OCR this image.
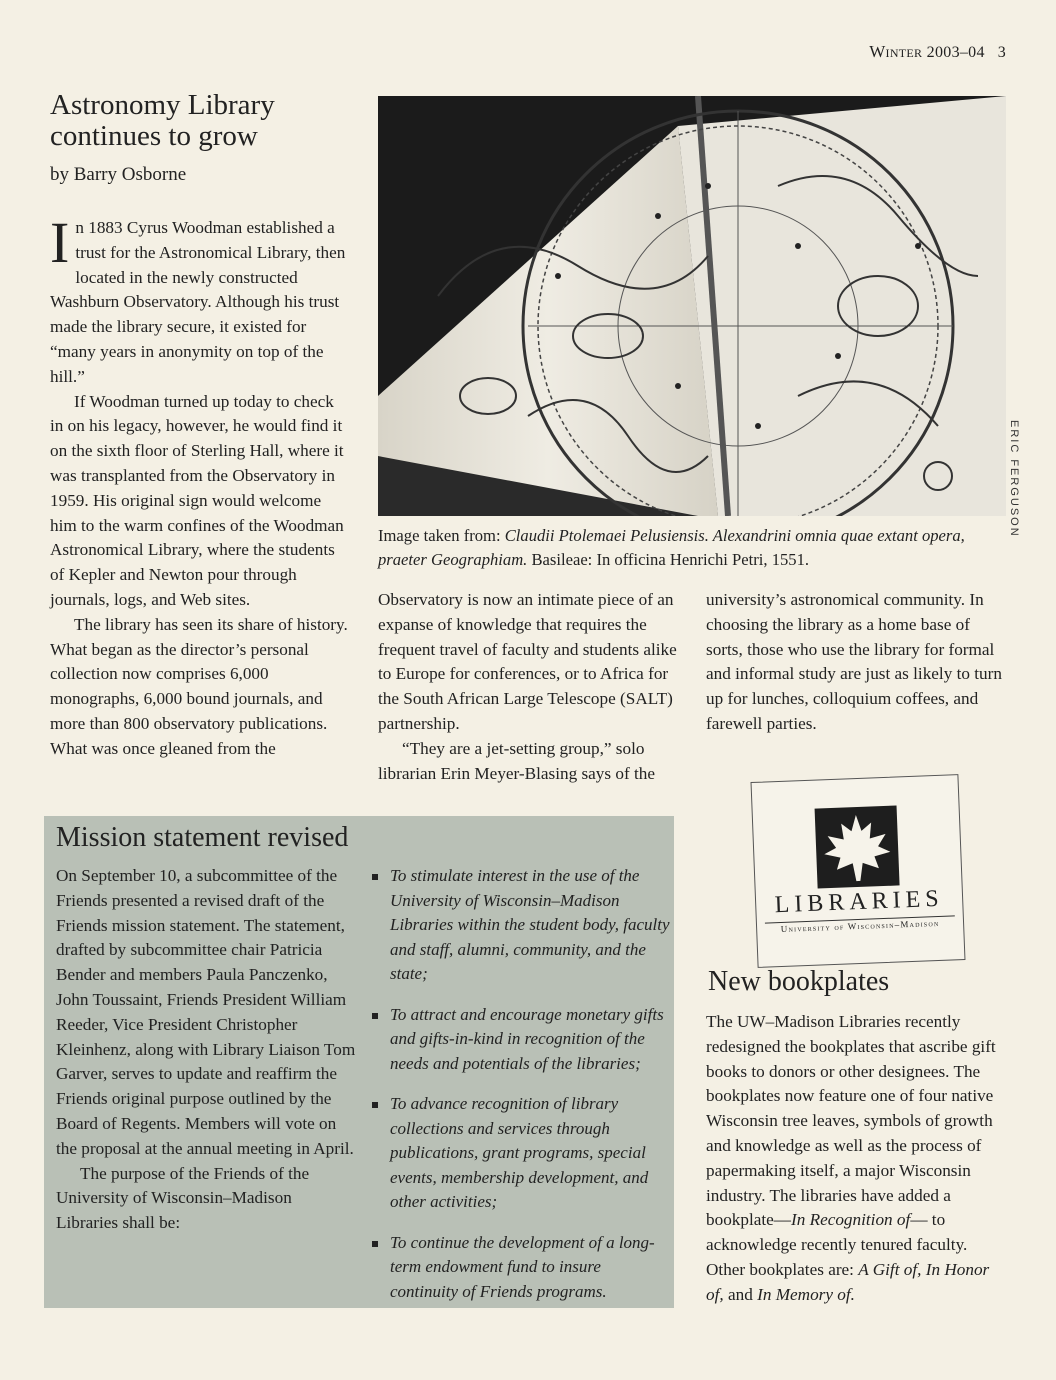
Winter 2003–04 3
Astronomy Library continues to grow
by Barry Osborne

In 1883 Cyrus Woodman established a trust for the Astronomical Library, then located in the newly constructed Washburn Observatory. Although his trust made the library secure, it existed for “many years in anonymity on top of the hill.”

If Woodman turned up today to check in on his legacy, however, he would find it on the sixth floor of Sterling Hall, where it was transplanted from the Observatory in 1959. His original sign would welcome him to the warm confines of the Woodman Astronomical Library, where the students of Kepler and Newton pour through journals, logs, and Web sites.

The library has seen its share of history. What began as the director’s personal collection now comprises 6,000 monographs, 6,000 bound journals, and more than 800 observatory publications. What was once gleaned from the

ERIC FERGUSON
Image taken from: Claudii Ptolemaei Pelusiensis. Alexandrini omnia quae extant opera, praeter Geographiam. Basileae: In officina Henrichi Petri, 1551.

Observatory is now an intimate piece of an expanse of knowledge that requires the frequent travel of faculty and students alike to Europe for conferences, or to Africa for the South African Large Telescope (SALT) partnership.

“They are a jet-setting group,” solo librarian Erin Meyer-Blasing says of the

university’s astronomical community. In choosing the library as a home base of sorts, those who use the library for formal and informal study are just as likely to turn up for lunches, colloquium coffees, and farewell parties.

Mission statement revised

On September 10, a subcommittee of the Friends presented a revised draft of the Friends mission statement. The statement, drafted by subcommittee chair Patricia Bender and members Paula Panczenko, John Toussaint, Friends President William Reeder, Vice President Christopher Kleinhenz, along with Library Liaison Tom Garver, serves to update and reaffirm the Friends original purpose outlined by the Board of Regents. Members will vote on the proposal at the annual meeting in April.

The purpose of the Friends of the University of Wisconsin–Madison Libraries shall be:

To stimulate interest in the use of the University of Wisconsin–Madison Libraries within the student body, faculty and staff, alumni, community, and the state;
To attract and encourage monetary gifts and gifts-in-kind in recognition of the needs and potentials of the libraries;
To advance recognition of library collections and services through publications, grant programs, special events, membership development, and other activities;
To continue the development of a long-term endowment fund to insure continuity of Friends programs.
LIBRARIES
University of Wisconsin–Madison
New bookplates

The UW–Madison Libraries recently redesigned the bookplates that ascribe gift books to donors or other designees. The bookplates now feature one of four native Wisconsin tree leaves, symbols of growth and knowledge as well as the process of papermaking itself, a major Wisconsin industry. The libraries have added a bookplate—In Recognition of— to acknowledge recently tenured faculty. Other bookplates are: A Gift of, In Honor of, and In Memory of.
